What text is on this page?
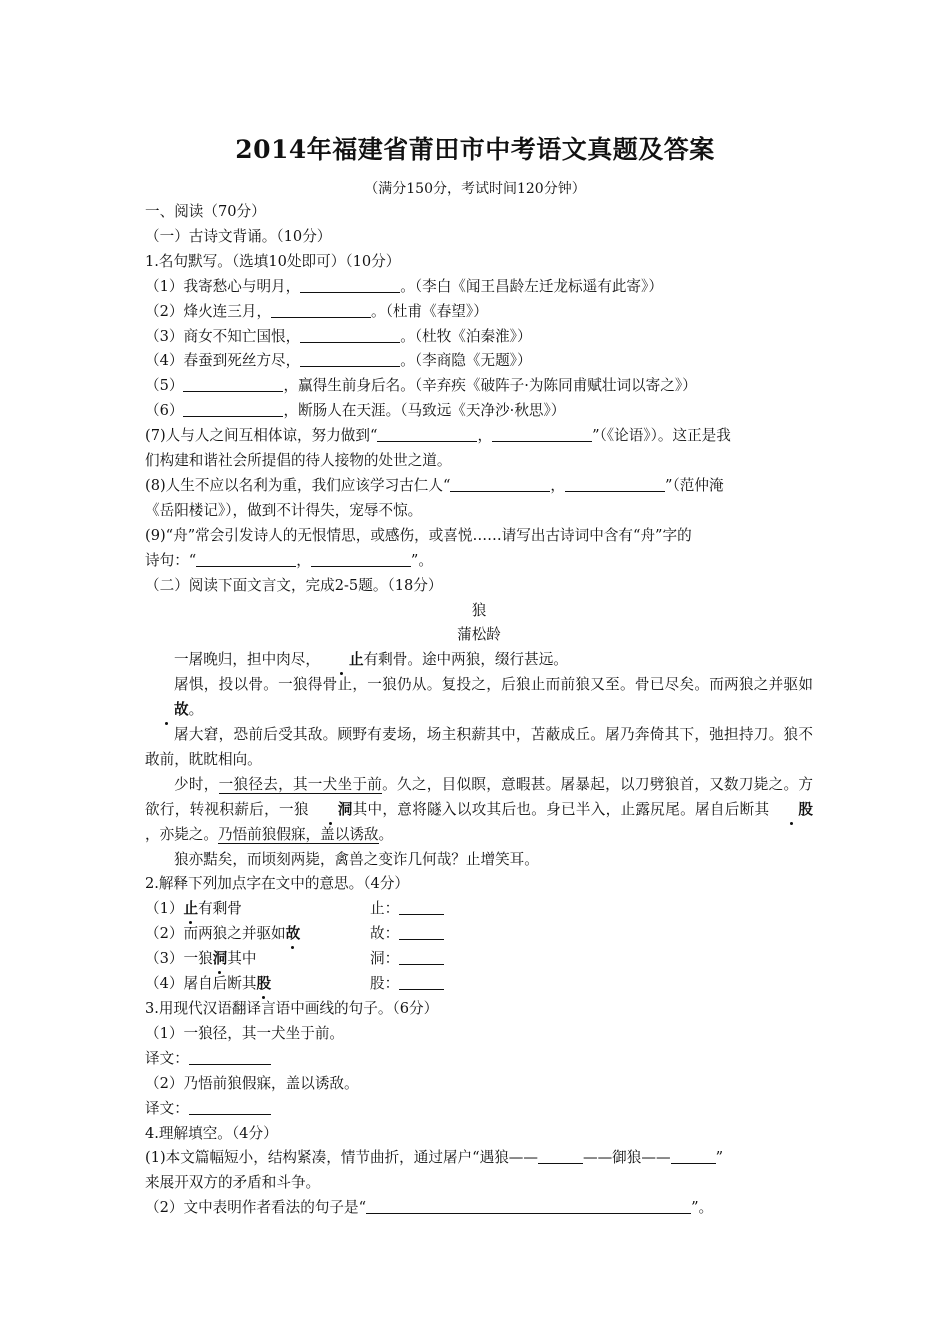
2014年福建省莆田市中考语文真题及答案
（满分150分，考试时间120分钟）
一、阅读（70分）
（一）古诗文背诵。（10分）
1.名句默写。（选填10处即可）（10分）
（1）我寄愁心与明月，	。（李白《闻王昌龄左迁龙标遥有此寄》）
（2）烽火连三月，	。（杜甫《春望》）
（3）商女不知亡国恨，	。（杜牧《泊秦淮》）
（4）春蚕到死丝方尽，	。（李商隐《无题》）
（5）	，赢得生前身后名。（辛弃疾《破阵子·为陈同甫赋壮词以寄之》）
（6）	，断肠人在天涯。（马致远《天净沙·秋思》）
(7)人与人之间互相体谅，努力做到“	，	”（《论语》）。这正是我
们构建和谐社会所提倡的待人接物的处世之道。
(8)人生不应以名利为重，我们应该学习古仁人“	，	”（范仲淹
《岳阳楼记》），做到不计得失，宠辱不惊。
(9)“舟”常会引发诗人的无恨情思，或感伤，或喜悦……请写出古诗词中含有“舟”字的
诗句：“	，	”。
（二）阅读下面文言文，完成2-5题。（18分）
狼
蒲松龄
一屠晚归，担中肉尽， 止有剩骨。途中两狼，缀行甚远。
屠惧，投以骨。一狼得骨止，一狼仍从。复投之，后狼止而前狼又至。骨已尽矣。而两狼之并驱如故。
屠大窘，恐前后受其敌。顾野有麦场，场主积薪其中，苫蔽成丘。屠乃奔倚其下，弛担持刀。狼不敢前，眈眈相向。
少时，一狼径去，其一犬坐于前。久之，目似瞑，意暇甚。屠暴起，以刀劈狼首，又数刀毙之。方欲行，转视积薪后，一狼 洞其中，意将隧入以攻其后也。身已半入，止露尻尾。屠自后断其 股，亦毙之。乃悟前狼假寐，盖以诱敌。
狼亦黠矣，而顷刻两毙，禽兽之变诈几何哉？止增笑耳。
2.解释下列加点字在文中的意思。（4分）
（1）止有剩骨	止：
（2）而两狼之并驱如故	故：
（3）一狼洞其中	洞：
（4）屠自后断其股	股：
3.用现代汉语翻译言语中画线的句子。（6分）
（1）一狼径，其一犬坐于前。
译文：
（2）乃悟前狼假寐，盖以诱敌。
译文：
4.理解填空。（4分）
(1)本文篇幅短小，结构紧凑，情节曲折，通过屠户“遇狼——	——御狼——	”
来展开双方的矛盾和斗争。
（2）文中表明作者看法的句子是“	”。
